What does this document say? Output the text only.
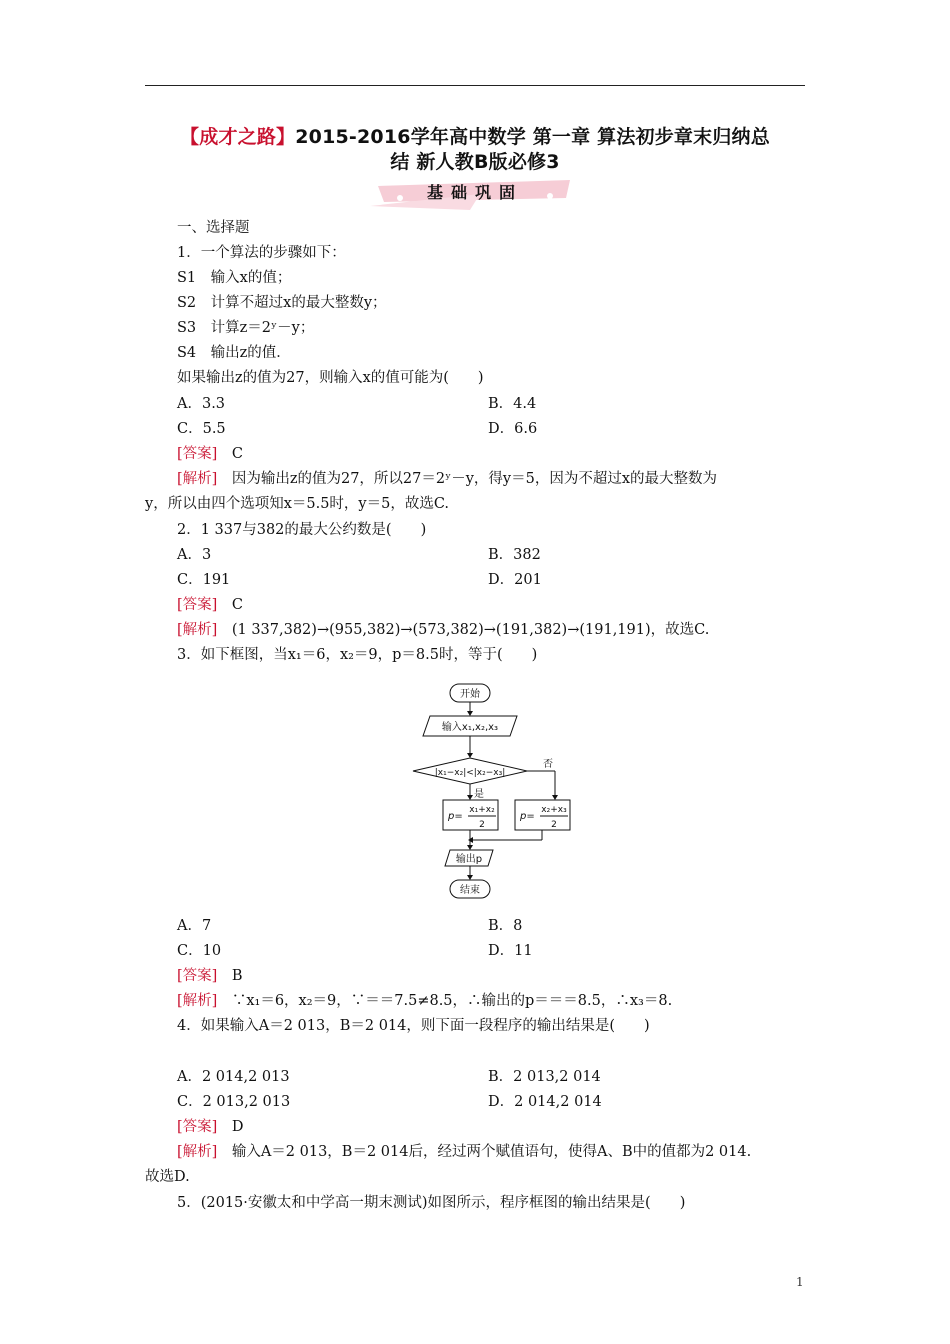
【成才之路】2015-2016学年高中数学 第一章 算法初步章末归纳总
结 新人教B版必修3
基础巩固
一、选择题
1．一个算法的步骤如下：
S1　输入x的值；
S2　计算不超过x的最大整数y；
S3　计算z＝2ʸ－y；
S4　输出z的值．
如果输出z的值为27，则输入x的值可能为(　　)
A．3.3	B．4.4
C．5.5	D．6.6
[答案]　 C
[解析]　 因为输出z的值为27，所以27＝2ʸ－y，得y＝5，因为不超过x的最大整数为
y，所以由四个选项知x＝5.5时，y＝5，故选C.
2．1 337与382的最大公约数是(　　)
A．3	B．382
C．191	D．201
[答案]　 C
[解析]　 (1 337,382)→(955,382)→(573,382)→(191,382)→(191,191)，故选C.
3．如下框图，当x₁＝6，x₂＝9，p＝8.5时，等于(　　)
开始
输入x₁,x₂,x₃
|x₁−x₂|<|x₂−x₃|
否
是
p=
x₁+x₂
2
p=
x₂+x₃
2
输出p
结束
A．7	B．8
C．10	D．11
[答案]　 B
[解析]　 ∵x₁＝6，x₂＝9，∵＝＝7.5≠8.5，∴输出的p＝＝＝8.5，∴x₃＝8.
4．如果输入A＝2 013，B＝2 014，则下面一段程序的输出结果是(　　)
A．2 014,2 013	B．2 013,2 014
C．2 013,2 013	D．2 014,2 014
[答案]　 D
[解析]　 输入A＝2 013，B＝2 014后，经过两个赋值语句，使得A、B中的值都为2 014.
故选D.
5．(2015·安徽太和中学高一期末测试)如图所示，程序框图的输出结果是(　　)
1
